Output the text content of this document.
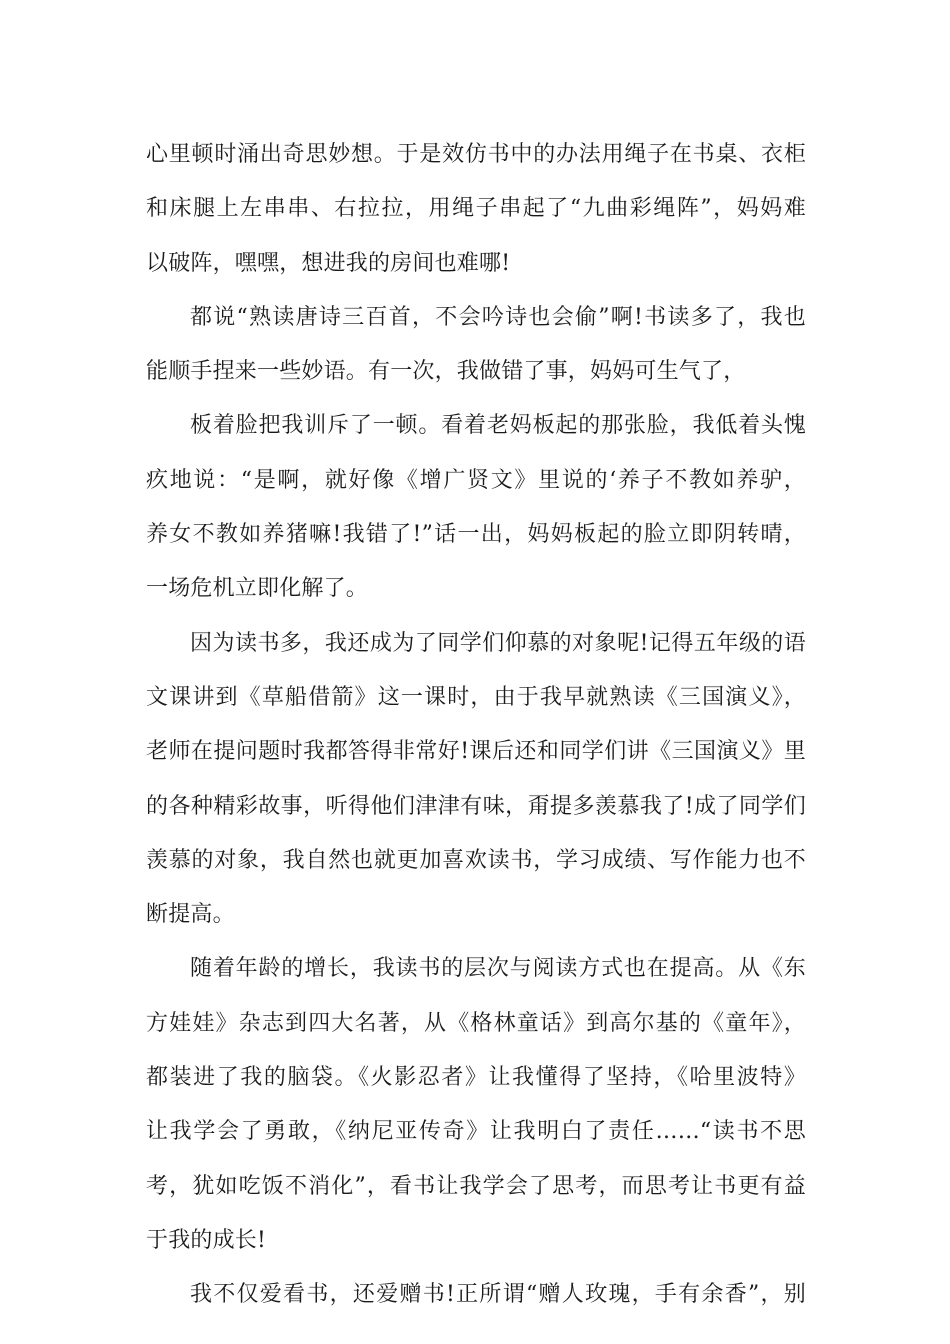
心里顿时涌出奇思妙想。于是效仿书中的办法用绳子在书桌、衣柜
和床腿上左串串、右拉拉，用绳子串起了“九曲彩绳阵”，妈妈难
以破阵，嘿嘿，想进我的房间也难哪!
都说“熟读唐诗三百首，不会吟诗也会偷”啊!书读多了，我也
能顺手捏来一些妙语。有一次，我做错了事，妈妈可生气了，
板着脸把我训斥了一顿。看着老妈板起的那张脸，我低着头愧
疚地说：“是啊，就好像《增广贤文》里说的‘养子不教如养驴，
养女不教如养猪嘛!我错了!”话一出，妈妈板起的脸立即阴转晴，
一场危机立即化解了。
因为读书多，我还成为了同学们仰慕的对象呢!记得五年级的语
文课讲到《草船借箭》这一课时，由于我早就熟读《三国演义》，
老师在提问题时我都答得非常好!课后还和同学们讲《三国演义》里
的各种精彩故事，听得他们津津有味，甭提多羡慕我了!成了同学们
羡慕的对象，我自然也就更加喜欢读书，学习成绩、写作能力也不
断提高。
随着年龄的增长，我读书的层次与阅读方式也在提高。从《东
方娃娃》杂志到四大名著，从《格林童话》到高尔基的《童年》，
都装进了我的脑袋。《火影忍者》让我懂得了坚持，《哈里波特》
让我学会了勇敢，《纳尼亚传奇》让我明白了责任……“读书不思
考，犹如吃饭不消化”，看书让我学会了思考，而思考让书更有益
于我的成长!
我不仅爱看书，还爱赠书!正所谓“赠人玫瑰，手有余香”，别
